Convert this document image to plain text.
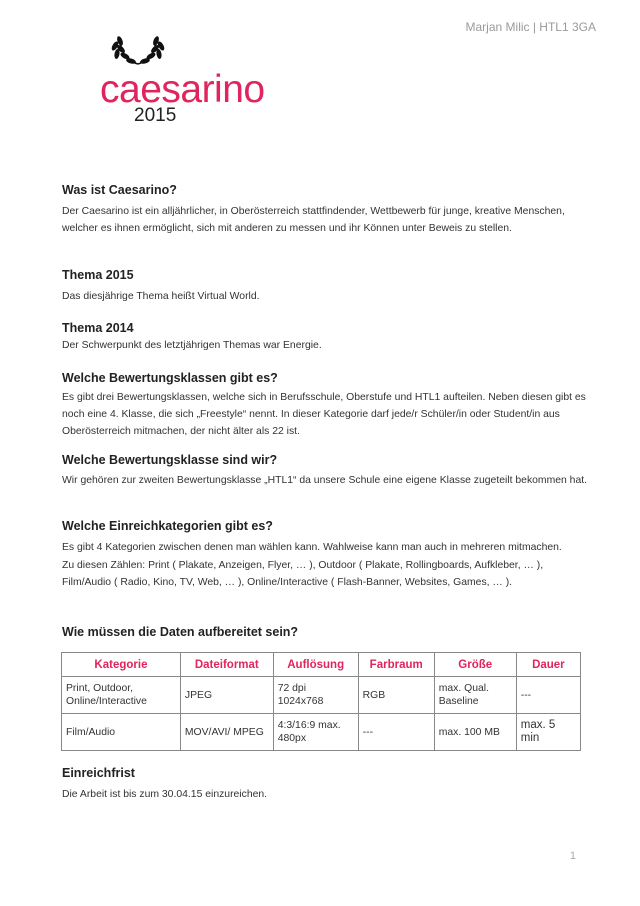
Marjan Milic | HTL1 3GA
caesarino
2015
Was ist Caesarino?

Der Caesarino ist ein alljährlicher, in Oberösterreich stattfindender, Wettbewerb für junge, kreative Menschen, welcher es ihnen ermöglicht, sich mit anderen zu messen und ihr Können unter Beweis zu stellen.

Thema 2015

Das diesjährige Thema heißt Virtual World.

Thema 2014

Der Schwerpunkt des letztjährigen Themas war Energie.

Welche Bewertungsklassen gibt es?

Es gibt drei Bewertungsklassen, welche sich in Berufsschule, Oberstufe und HTL1 aufteilen. Neben diesen gibt es noch eine 4. Klasse, die sich „Freestyle“ nennt. In dieser Kategorie darf jede/r Schüler/in oder Student/in aus Oberösterreich mitmachen, der nicht älter als 22 ist.

Welche Bewertungsklasse sind wir?

Wir gehören zur zweiten Bewertungsklasse „HTL1“ da unsere Schule eine eigene Klasse zugeteilt bekommen hat.

Welche Einreichkategorien gibt es?

Es gibt 4 Kategorien zwischen denen man wählen kann. Wahlweise kann man auch in mehreren mitmachen.

Zu diesen Zählen: Print ( Plakate, Anzeigen, Flyer, … ), Outdoor ( Plakate, Rollingboards, Aufkleber, … ), Film/Audio ( Radio, Kino, TV, Web, … ), Online/Interactive ( Flash-Banner, Websites, Games, … ).

Wie müssen die Daten aufbereitet sein?
Einreichfrist

Die Arbeit ist bis zum 30.04.15 einzureichen.

Kategorie	Dateiformat	Auflösung	Farbraum	Größe	Dauer
Print, Outdoor, Online/Interactive	JPEG	72 dpi 1024x768	RGB	max. Qual. Baseline	---
Film/Audio	MOV/AVI/ MPEG	4:3/16:9 max. 480px	---	max. 100 MB	max. 5 min
1
